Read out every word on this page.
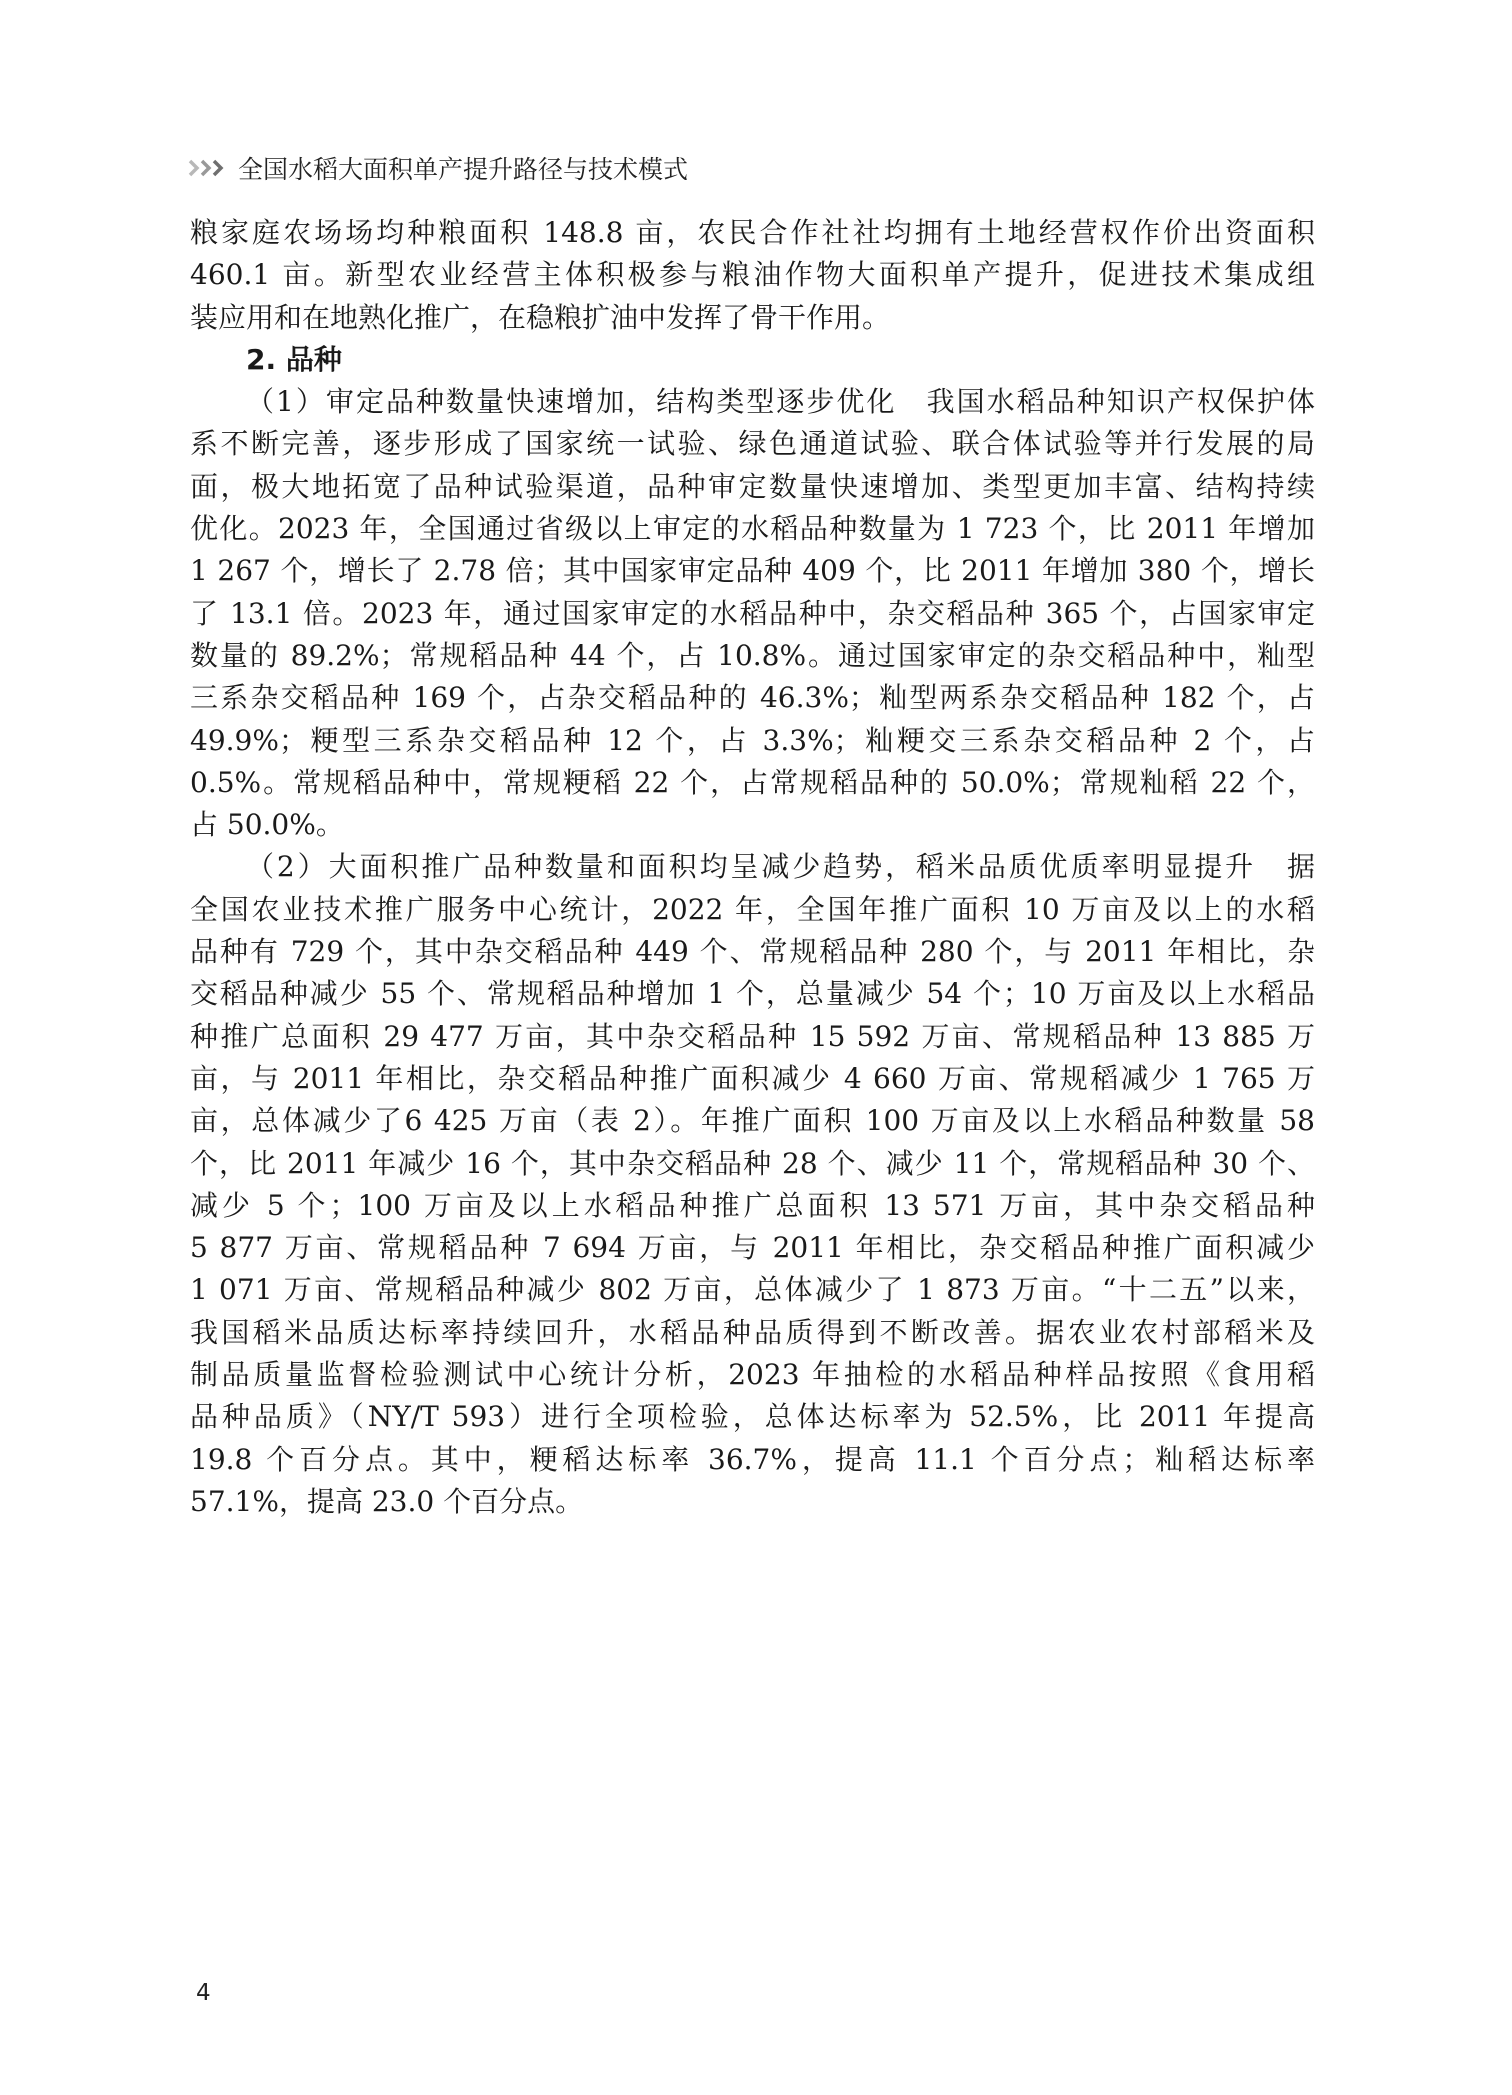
全国水稻大面积单产提升路径与技术模式
粮家庭农场场均种粮面积 148.8 亩，农民合作社社均拥有土地经营权作价出资面积
460.1 亩。新型农业经营主体积极参与粮油作物大面积单产提升，促进技术集成组
装应用和在地熟化推广，在稳粮扩油中发挥了骨干作用。
2. 品种
（1）审定品种数量快速增加，结构类型逐步优化　我国水稻品种知识产权保护体
系不断完善，逐步形成了国家统一试验、绿色通道试验、联合体试验等并行发展的局
面，极大地拓宽了品种试验渠道，品种审定数量快速增加、类型更加丰富、结构持续
优化。2023 年，全国通过省级以上审定的水稻品种数量为 1 723 个，比 2011 年增加
1 267 个，增长了 2.78 倍；其中国家审定品种 409 个，比 2011 年增加 380 个，增长
了 13.1 倍。2023 年，通过国家审定的水稻品种中，杂交稻品种 365 个，占国家审定
数量的 89.2%；常规稻品种 44 个，占 10.8%。通过国家审定的杂交稻品种中，籼型
三系杂交稻品种 169 个，占杂交稻品种的 46.3%；籼型两系杂交稻品种 182 个，占
49.9%；粳型三系杂交稻品种 12 个，占 3.3%；籼粳交三系杂交稻品种 2 个，占
0.5%。常规稻品种中，常规粳稻 22 个，占常规稻品种的 50.0%；常规籼稻 22 个，
占 50.0%。
（2）大面积推广品种数量和面积均呈减少趋势，稻米品质优质率明显提升　据
全国农业技术推广服务中心统计，2022 年，全国年推广面积 10 万亩及以上的水稻
品种有 729 个，其中杂交稻品种 449 个、常规稻品种 280 个，与 2011 年相比，杂
交稻品种减少 55 个、常规稻品种增加 1 个，总量减少 54 个；10 万亩及以上水稻品
种推广总面积 29 477 万亩，其中杂交稻品种 15 592 万亩、常规稻品种 13 885 万
亩，与 2011 年相比，杂交稻品种推广面积减少 4 660 万亩、常规稻减少 1 765 万
亩，总体减少了6 425 万亩（表 2）。年推广面积 100 万亩及以上水稻品种数量 58
个，比 2011 年减少 16 个，其中杂交稻品种 28 个、减少 11 个，常规稻品种 30 个、
减少 5 个；100 万亩及以上水稻品种推广总面积 13 571 万亩，其中杂交稻品种
5 877 万亩、常规稻品种 7 694 万亩，与 2011 年相比，杂交稻品种推广面积减少
1 071 万亩、常规稻品种减少 802 万亩，总体减少了 1 873 万亩。“十二五”以来，
我国稻米品质达标率持续回升，水稻品种品质得到不断改善。据农业农村部稻米及
制品质量监督检验测试中心统计分析，2023 年抽检的水稻品种样品按照《食用稻
品种品质》（NY/T 593）进行全项检验，总体达标率为 52.5%，比 2011 年提高
19.8 个百分点。其中，粳稻达标率 36.7%，提高 11.1 个百分点；籼稻达标率
57.1%，提高 23.0 个百分点。
4
